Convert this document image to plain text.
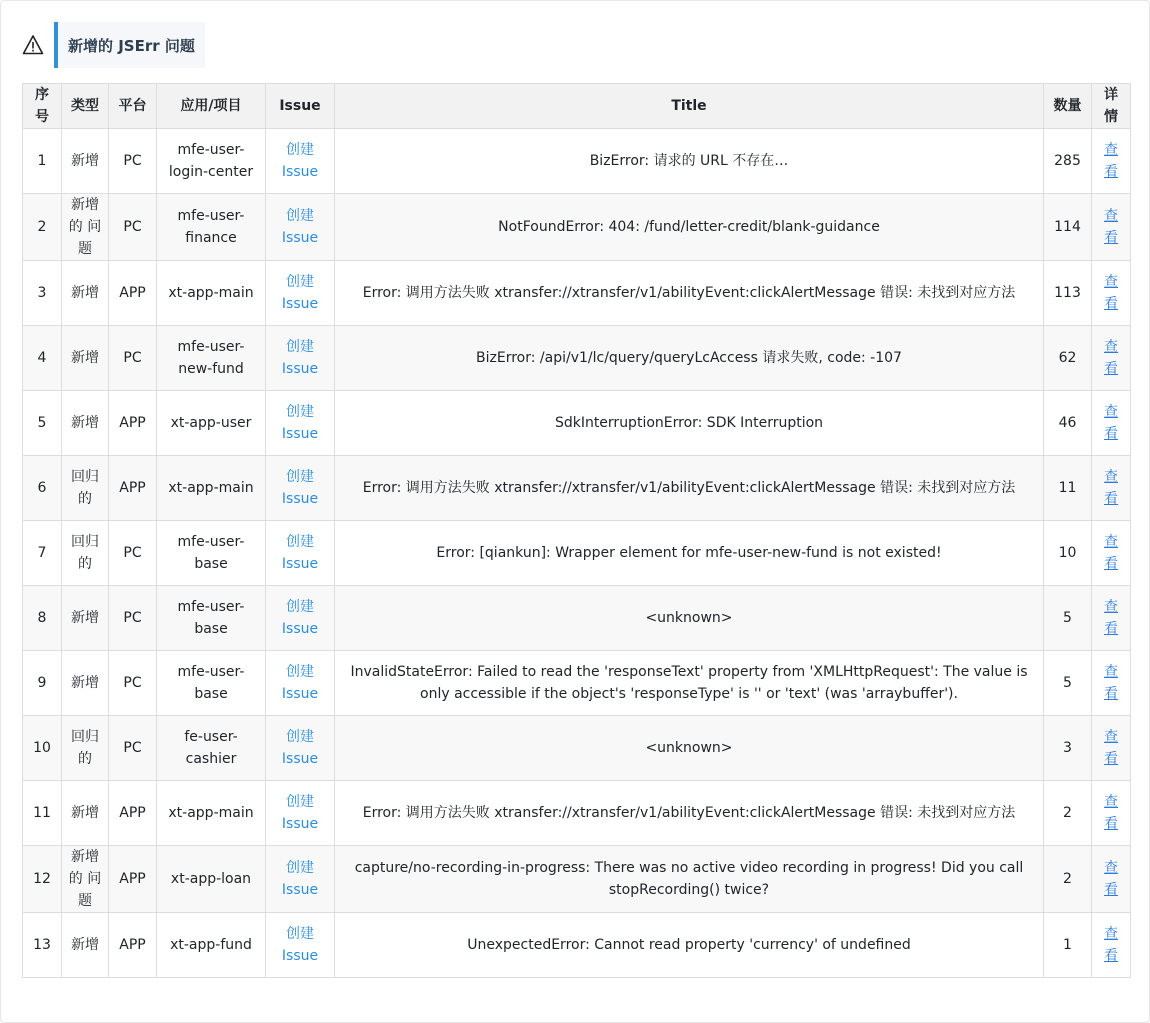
新增的 JSErr 问题
序号	类型	平台	应用/项目	Issue	Title	数量	详情
1	新增	PC	mfe-user-login-center	创建 Issue	BizError: 请求的 URL 不存在…	285	查看
2	新增的 问题	PC	mfe-user-finance	创建 Issue	NotFoundError: 404: /fund/letter-credit/blank-guidance	114	查看
3	新增	APP	xt-app-main	创建 Issue	Error: 调用方法失败 xtransfer://xtransfer/v1/abilityEvent:clickAlertMessage 错误: 未找到对应方法	113	查看
4	新增	PC	mfe-user-new-fund	创建 Issue	BizError: /api/v1/lc/query/queryLcAccess 请求失败, code: -107	62	查看
5	新增	APP	xt-app-user	创建 Issue	SdkInterruptionError: SDK Interruption	46	查看
6	回归的	APP	xt-app-main	创建 Issue	Error: 调用方法失败 xtransfer://xtransfer/v1/abilityEvent:clickAlertMessage 错误: 未找到对应方法	11	查看
7	回归的	PC	mfe-user-base	创建 Issue	Error: [qiankun]: Wrapper element for mfe-user-new-fund is not existed!	10	查看
8	新增	PC	mfe-user-base	创建 Issue	<unknown>	5	查看
9	新增	PC	mfe-user-base	创建 Issue	InvalidStateError: Failed to read the 'responseText' property from 'XMLHttpRequest': The value is only accessible if the object's 'responseType' is '' or 'text' (was 'arraybuffer').	5	查看
10	回归的	PC	fe-user-cashier	创建 Issue	<unknown>	3	查看
11	新增	APP	xt-app-main	创建 Issue	Error: 调用方法失败 xtransfer://xtransfer/v1/abilityEvent:clickAlertMessage 错误: 未找到对应方法	2	查看
12	新增的 问题	APP	xt-app-loan	创建 Issue	capture/no-recording-in-progress: There was no active video recording in progress! Did you call stopRecording() twice?	2	查看
13	新增	APP	xt-app-fund	创建 Issue	UnexpectedError: Cannot read property 'currency' of undefined	1	查看
